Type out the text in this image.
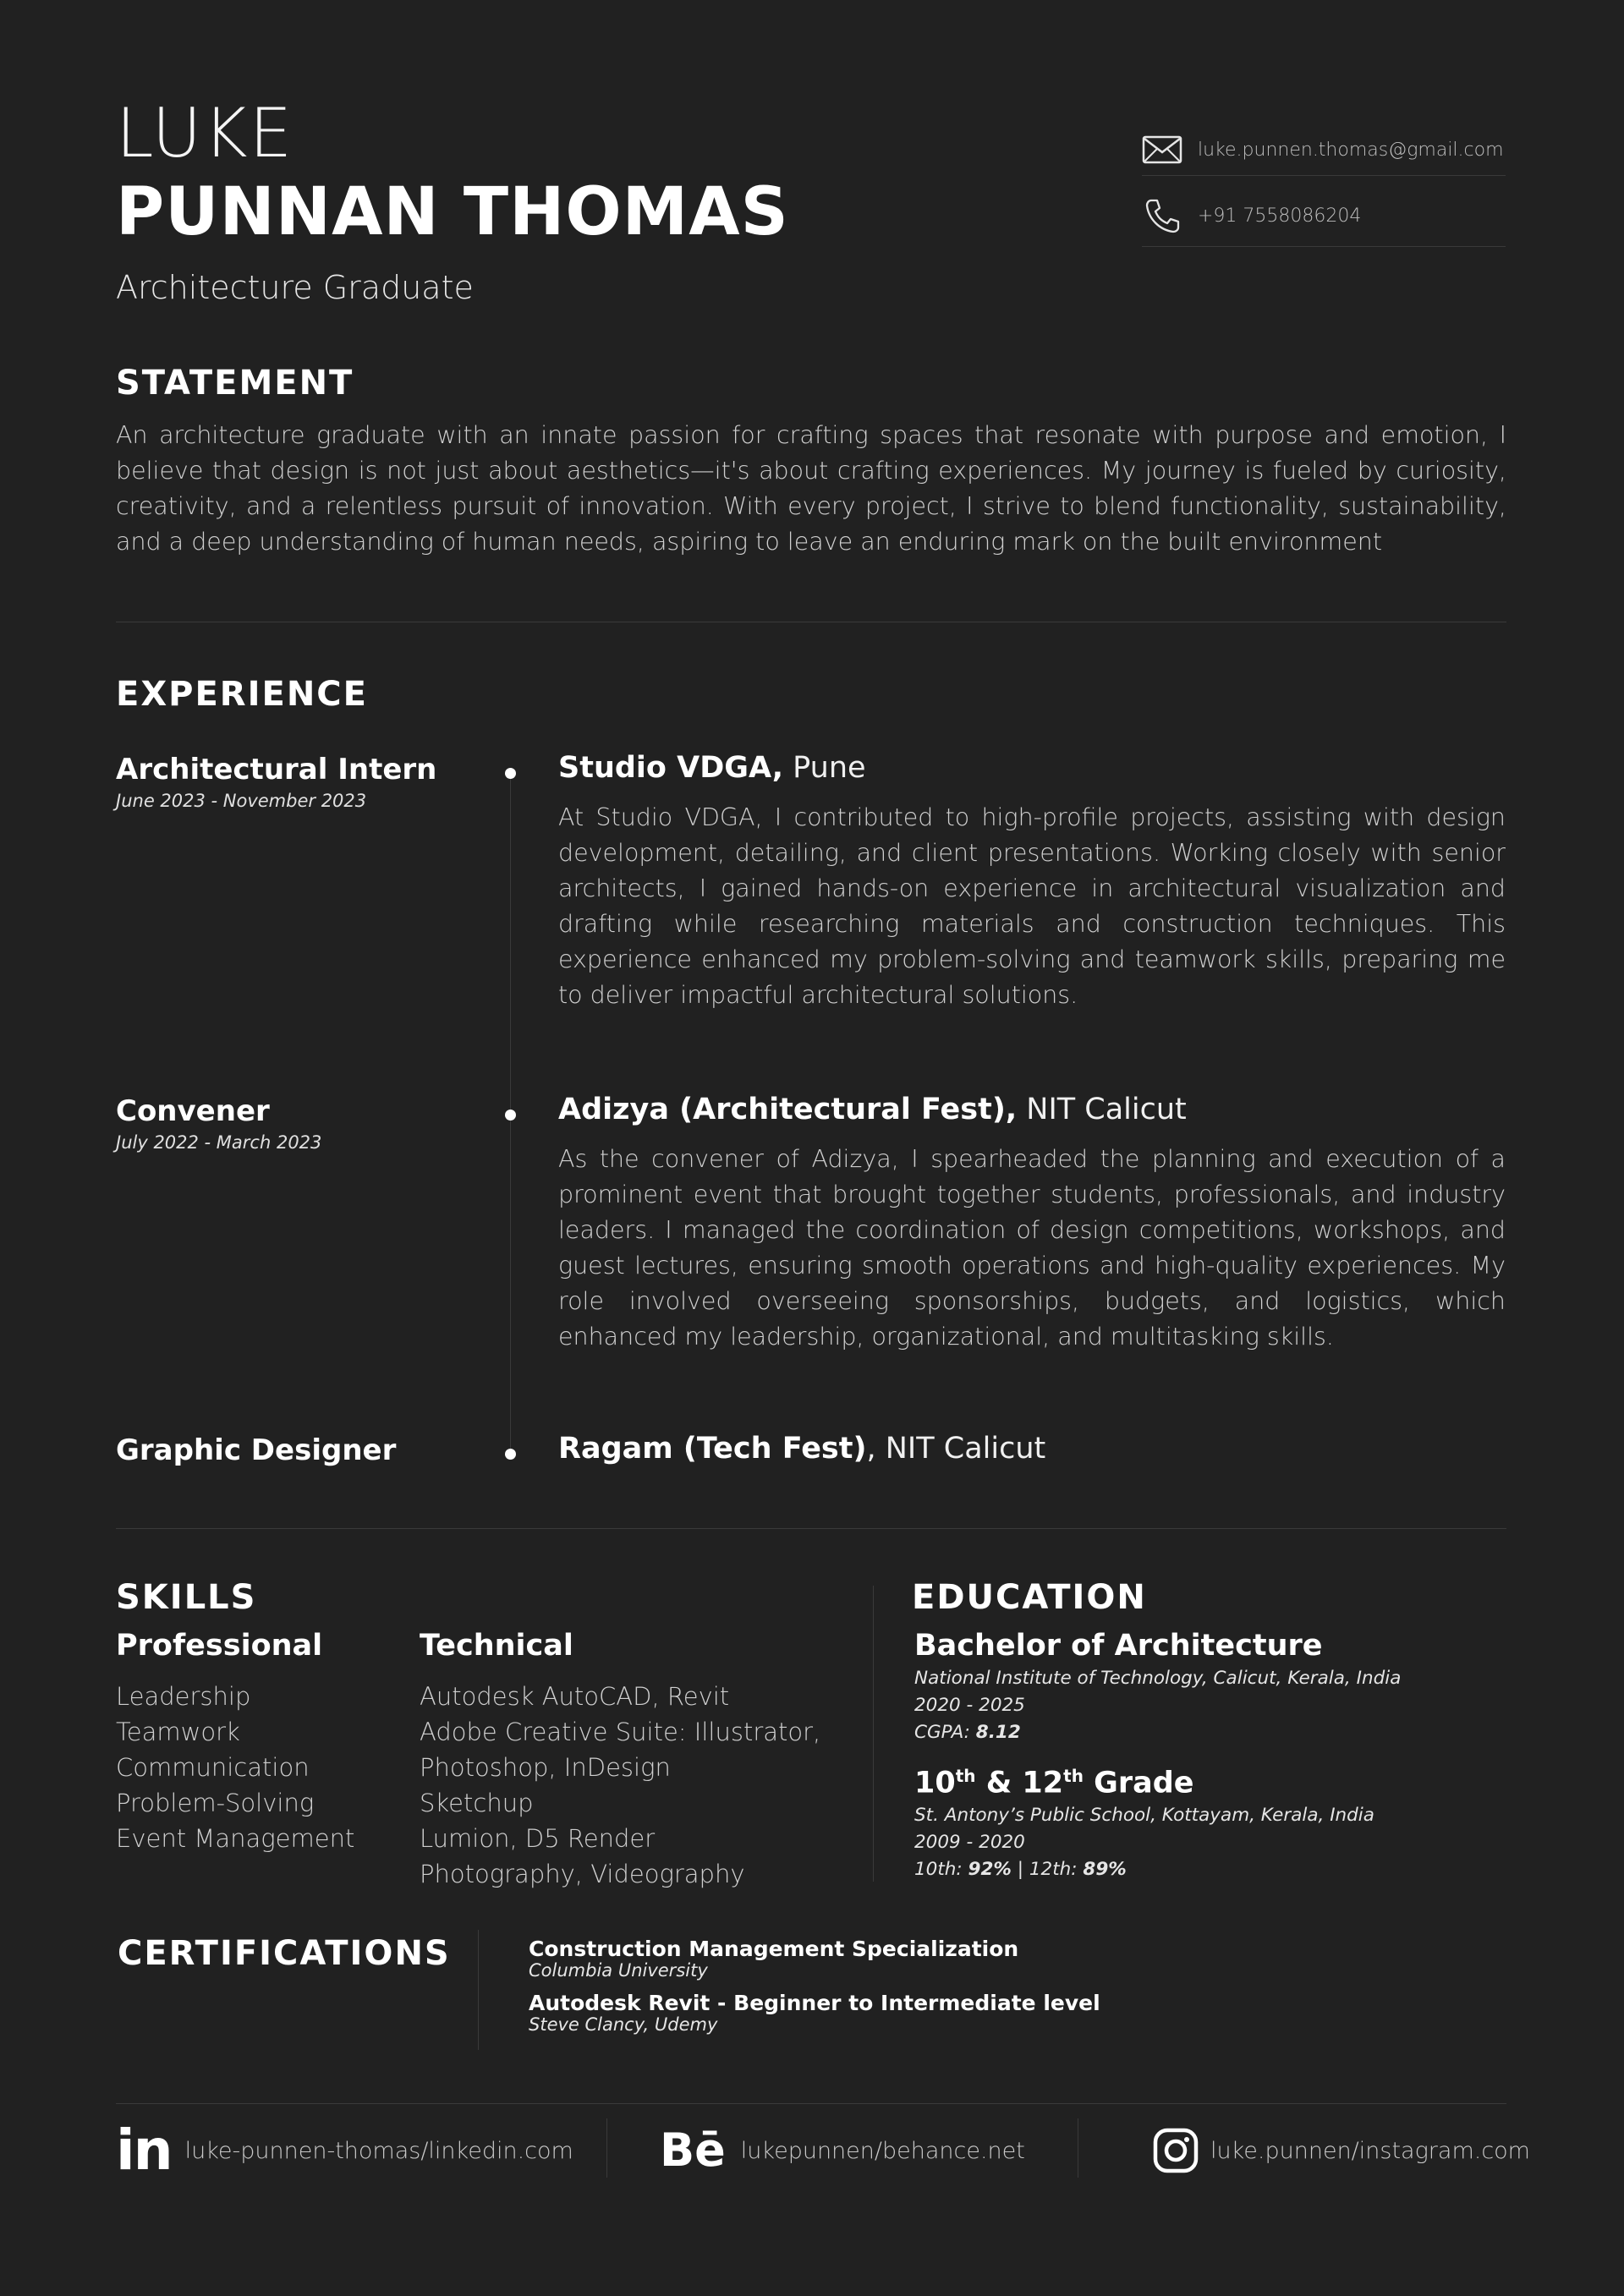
LUKE
PUNNAN THOMAS
Architecture Graduate
luke.punnen.thomas@gmail.com
+91 7558086204
STATEMENT
An architecture graduate with an innate passion for crafting spaces that resonate with purpose and emotion, I believe that design is not just about aesthetics—it's about crafting experiences. My journey is fueled by curiosity, creativity, and a relentless pursuit of innovation. With every project, I strive to blend functionality, sustainability, and a deep understanding of human needs, aspiring to leave an enduring mark on the built environment
EXPERIENCE
Architectural Intern
June 2023 - November 2023
Studio VDGA, Pune
At Studio VDGA, I contributed to high-profile projects, assisting with design development, detailing, and client presentations. Working closely with senior architects, I gained hands-on experience in architectural visualization and drafting while researching materials and construction techniques. This experience enhanced my problem-solving and teamwork skills, preparing me to deliver impactful architectural solutions.
Convener
July 2022 - March 2023
Adizya (Architectural Fest), NIT Calicut
As the convener of Adizya, I spearheaded the planning and execution of a prominent event that brought together students, professionals, and industry leaders. I managed the coordination of design competitions, workshops, and guest lectures, ensuring smooth operations and high-quality experiences. My role involved overseeing sponsorships, budgets, and logistics, which enhanced my leadership, organizational, and multitasking skills.
Graphic Designer	Ragam (Tech Fest), NIT Calicut
SKILLS
Professional
Leadership
Teamwork
Communication
Problem-Solving
Event Management
Technical
Autodesk AutoCAD, Revit
Adobe Creative Suite: Illustrator,
Photoshop, InDesign
Sketchup
Lumion, D5 Render
Photography, Videography
EDUCATION
Bachelor of Architecture
National Institute of Technology, Calicut, Kerala, India
2020 - 2025
CGPA: 8.12
10th & 12th Grade
St. Antony’s Public School, Kottayam, Kerala, India
2009 - 2020
10th: 92% | 12th: 89%
CERTIFICATIONS	Construction Management Specialization
Columbia University
Autodesk Revit - Beginner to Intermediate level
Steve Clancy, Udemy
in luke-punnen-thomas/linkedin.com Bē lukepunnen/behance.net	luke.punnen/instagram.com
